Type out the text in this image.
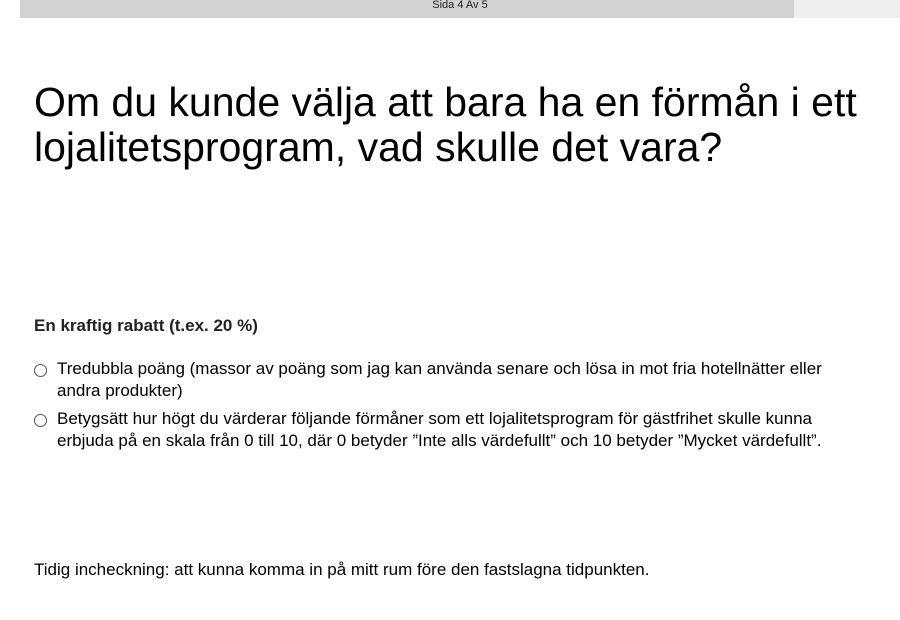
Sida 4 Av 5
Om du kunde välja att bara ha en förmån i ett lojalitetsprogram, vad skulle det vara?
En kraftig rabatt (t.ex. 20 %)
Tredubbla poäng (massor av poäng som jag kan använda senare och lösa in mot fria hotellnätter eller andra produkter)
Betygsätt hur högt du värderar följande förmåner som ett lojalitetsprogram för gästfrihet skulle kunna erbjuda på en skala från 0 till 10, där 0 betyder ”Inte alls värdefullt” och 10 betyder ”Mycket värdefullt”.
Tidig incheckning: att kunna komma in på mitt rum före den fastslagna tidpunkten.
